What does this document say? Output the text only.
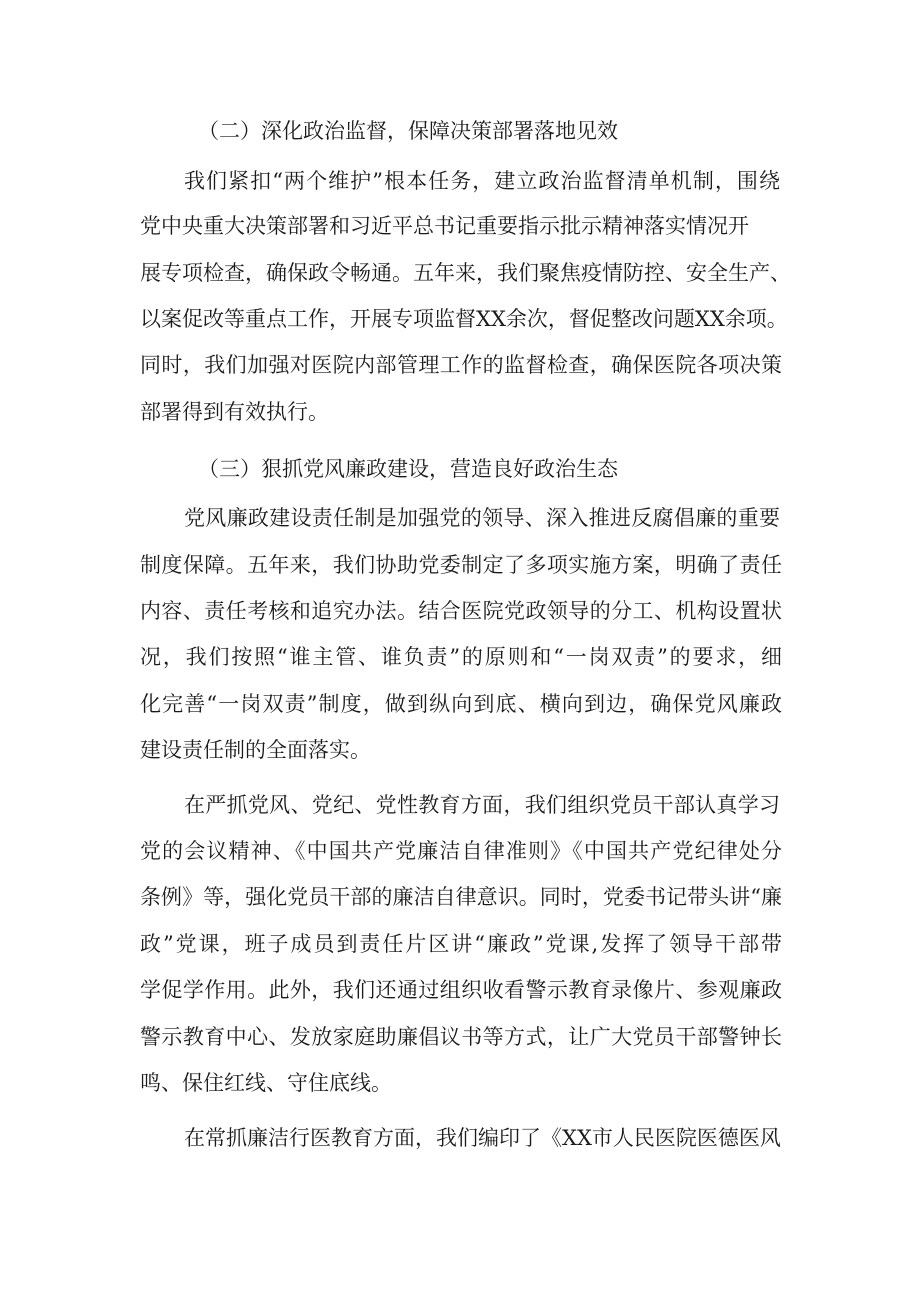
（二）深化政治监督，保障决策部署落地见效
我们紧扣“两个维护”根本任务，建立政治监督清单机制，围绕
党中央重大决策部署和习近平总书记重要指示批示精神落实情况开
展专项检查，确保政令畅通。五年来，我们聚焦疫情防控、安全生产、
以案促改等重点工作，开展专项监督XX余次，督促整改问题XX余项。
同时，我们加强对医院内部管理工作的监督检查，确保医院各项决策
部署得到有效执行。
（三）狠抓党风廉政建设，营造良好政治生态
党风廉政建设责任制是加强党的领导、深入推进反腐倡廉的重要
制度保障。五年来，我们协助党委制定了多项实施方案，明确了责任
内容、责任考核和追究办法。结合医院党政领导的分工、机构设置状
况，我们按照“谁主管、谁负责”的原则和“一岗双责”的要求，细
化完善“一岗双责”制度，做到纵向到底、横向到边，确保党风廉政
建设责任制的全面落实。
在严抓党风、党纪、党性教育方面，我们组织党员干部认真学习
党的会议精神、《中国共产党廉洁自律准则》《中国共产党纪律处分
条例》等，强化党员干部的廉洁自律意识。同时，党委书记带头讲“廉
政”党课，班子成员到责任片区讲“廉政”党课,发挥了领导干部带
学促学作用。此外，我们还通过组织收看警示教育录像片、参观廉政
警示教育中心、发放家庭助廉倡议书等方式，让广大党员干部警钟长
鸣、保住红线、守住底线。
在常抓廉洁行医教育方面，我们编印了《XX市人民医院医德医风
